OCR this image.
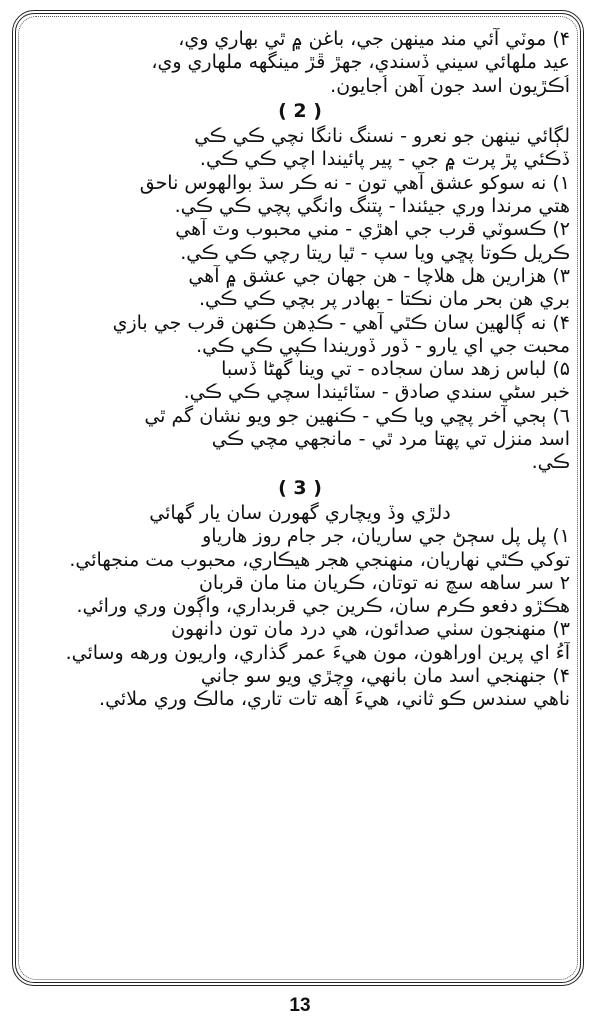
۴) موٽي آئي مند مينهن جي، باغن ۾ ٿي بهاري وي،
عيد ملهائي سيني ڏسندي، جهڙ ڦڙ مينگهه ملهاري وي،
اُڪڙيون اسد جون آهن اُجايون.
( 2 )
لڳائي نينهن جو نعرو - نسنگ نانگا نچي ڪي ڪي
ڏڪئي پڙ پرت ۾ جي - پير پائيندا اچي ڪي ڪي.
١) نه سوکو عشق آهي تون - نه ڪر سڌ بوالهوس ناحق
هتي مرندا وري جيئندا - پتنگ وانگي پچي ڪي ڪي.
٢) ڪسوٽي قرب جي اهڙي - مني محبوب وٽ آهي
ڪريل ڪوتا پڇي ويا سپ - ٿيا ريتا رچي ڪي ڪي.
٣) هزارين هل هلاچا - هن جهان جي عشق ۾ آهي
بري هن بحر مان نڪتا - بهادر پر بچي ڪي ڪي.
۴) نه ڳالهين سان ڪٿي آهي - ڪڍهن ڪنهن قرب جي بازي
محبت جي اي يارو - ڏور ڏوريندا ڪپي ڪي ڪي.
۵) لباس زهد سان سجاده - تي وينا گهڻا ڏسبا
خبر سڻي سندي صادق - سٽائيندا سچي ڪي ڪي.
٦) ٻجي آخر پڇي ويا ڪي - ڪنهين جو ويو نشان گم ٿي
اسد منزل تي پهتا مرد ٿي - مانجهي مچي ڪي
ڪي.
( 3 )
دلڙي وڏ ويچاري گهورن سان يار گهائي
١) پل پل سڄڻ جي ساريان، جر جام روز هارياو
توکي ڪٿي نهاريان، منهنجي هجر هيڪاري، محبوب مت منجهائي.
٢ سر ساهه سچ نه توتان، ڪريان منا مان قربان
هڪڙو دفعو ڪرم سان، ڪرين جي قربداري، واڳون وري ورائي.
٣) منهنجون سٺي صدائون، هي درد مان تون دانهون
آءُ اي پرين اوراهون، مون هيءَ عمر گذاري، واريون ورهه وسائي.
۴) جنهنجي اسد مان بانهي، وچڙي ويو سو جاني
ناهي سندس ڪو ثاني، هيءَ آهه تات تاري، مالڪ وري ملائي.
13
